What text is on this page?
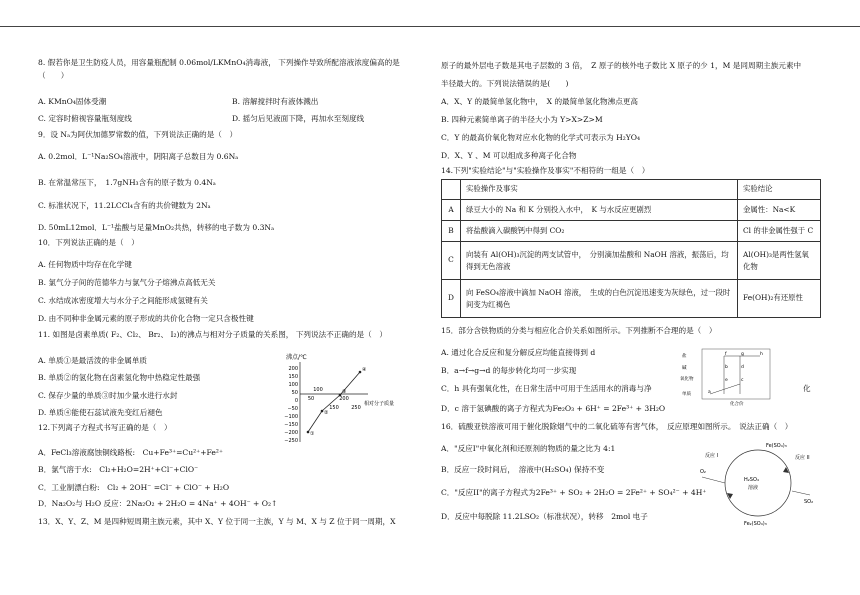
8. 假若你是卫生防疫人员，用容量瓶配制 0.06mol/LKMnO₄消毒液， 下列操作导致所配溶液浓度偏高的是
（　　）
A. KMnO₄固体受潮	B. 溶解搅拌时有液体溅出
C. 定容时俯视容量瓶刻度线	D. 摇匀后见液面下降，再加水至刻度线
9．设 Nₐ为阿伏加德罗常数的值，下列说法正确的是（　）
A. 0.2mol．L⁻¹Na₂SO₄溶液中，阴阳离子总数目为 0.6Nₐ
B. 在常温常压下，　1.7gNH₃含有的原子数为 0.4Nₐ
C. 标准状况下，11.2LCCl₄含有的共价键数为 2Nₐ
D. 50mL12mol．L⁻¹盐酸与足量MnO₂共热，转移的电子数为 0.3Nₐ
10．下列说法正确的是（　）
A. 任何物质中均存在化学键
B. 氯气分子间的范德华力与氯气分子熔沸点高低无关
C. 水结成冰密度增大与水分子之间能形成氢键有关
D. 由不同种非金属元素的原子形成的共价化合物一定只含极性键
11. 如图是卤素单质( F₂、Cl₂、 Br₂、 I₂)的沸点与相对分子质量的关系图， 下列说法不正确的是（　）
A. 单质①是最活泼的非金属单质
B. 单质②的氢化物在卤素氢化物中热稳定性最强
C. 保存少量的单质③时加少量水进行水封
D. 单质④能使石蕊试液先变红后褪色
12.下列离子方程式书写正确的是（　）
A．FeCl₃溶液腐蚀铜线路板:　Cu+Fe³⁺=Cu²⁺+Fe²⁺
B．氯气溶于水:　Cl₂+H₂O=2H⁺+Cl⁻+ClO⁻
C．工业制漂白粉:　Cl₂ + 2OH⁻ =Cl⁻ + ClO⁻ + H₂O
D．Na₂O₂与 H₂O 反应：2Na₂O₂ + 2H₂O = 4Na⁺ + 4OH⁻ + O₂↑
13．X、Y、Z、M 是四种短周期主族元素，其中 X、Y 位于同一主族，Y 与 M、X 与 Z 位于同一周期，X
沸点/℃
200
150
100
50
0
−50
−100
−150
−200
−250
50
100
150
200
250
①
②
③
④
相对分子质量
原子的最外层电子数是其电子层数的 3 倍，　Z 原子的核外电子数比 X 原子的少 1，M 是同周期主族元素中
半径最大的。下列说法错误的是(　　)
A．X、Y 的最简单氢化物中，　X 的最简单氢化物沸点更高
B. 四种元素简单离子的半径大小为 Y>X>Z>M
C．Y 的最高价氧化物对应水化物的化学式可表示为 H₂YO₄
D．X、Y 、M 可以组成多种离子化合物
14.下列"实验结论"与"实验操作及事实"不相符的一组是（　）
	实验操作及事实	实验结论
A	绿豆大小的 Na 和 K 分别投入水中，　K 与水反应更剧烈	金属性：Na<K
B	将盐酸滴入碳酸钙中得到 CO₂	Cl 的非金属性强于 C
C	向装有 Al(OH)₃沉淀的两支试管中，　分别滴加盐酸和 NaOH 溶液，振荡后，均得到无色溶液	Al(OH)₃是两性氢氧化物
D	向 FeSO₄溶液中滴加 NaOH 溶液，　生成的白色沉淀迅速变为灰绿色，过一段时间变为红褐色	Fe(OH)₂有还原性
15．部分含铁物质的分类与相应化合价关系如图所示。下列推断不合理的是（　）
A. 通过化合反应和复分解反应均能直接得到 d
B．a→f→g→d 的每步转化均可一步实现
C．h 具有强氧化性，在日常生活中可用于生活用水的消毒与净	化
D．c 溶于氢碘酸的离子方程式为Fe₂O₃ + 6H⁺ = 2Fe³⁺ + 3H₂O
盐
碱
氧化物
单质
化合价
a
b
c
d
e
f	g	h
16．硫酸亚铁溶液可用于催化脱除烟气中的二氧化硫等有害气体，　反应原理如图所示。　说法正确（　）
A．"反应I"中氧化剂和还原剂的物质的量之比为 4:1
B．反应一段时间后，　溶液中(H₂SO₄) 保持不变
C．"反应II"的离子方程式为2Fe³⁺ + SO₂ + 2H₂O = 2Fe²⁺ + SO₄²⁻ + 4H⁺
D．反应中每脱除 11.2LSO₂（标准状况），转移　2mol 电子
反应 I	反应 II
O₂
Fe(SO₄)₃
H₂SO₄
溶液
Fe₂(SO₄)₃
SO₂
